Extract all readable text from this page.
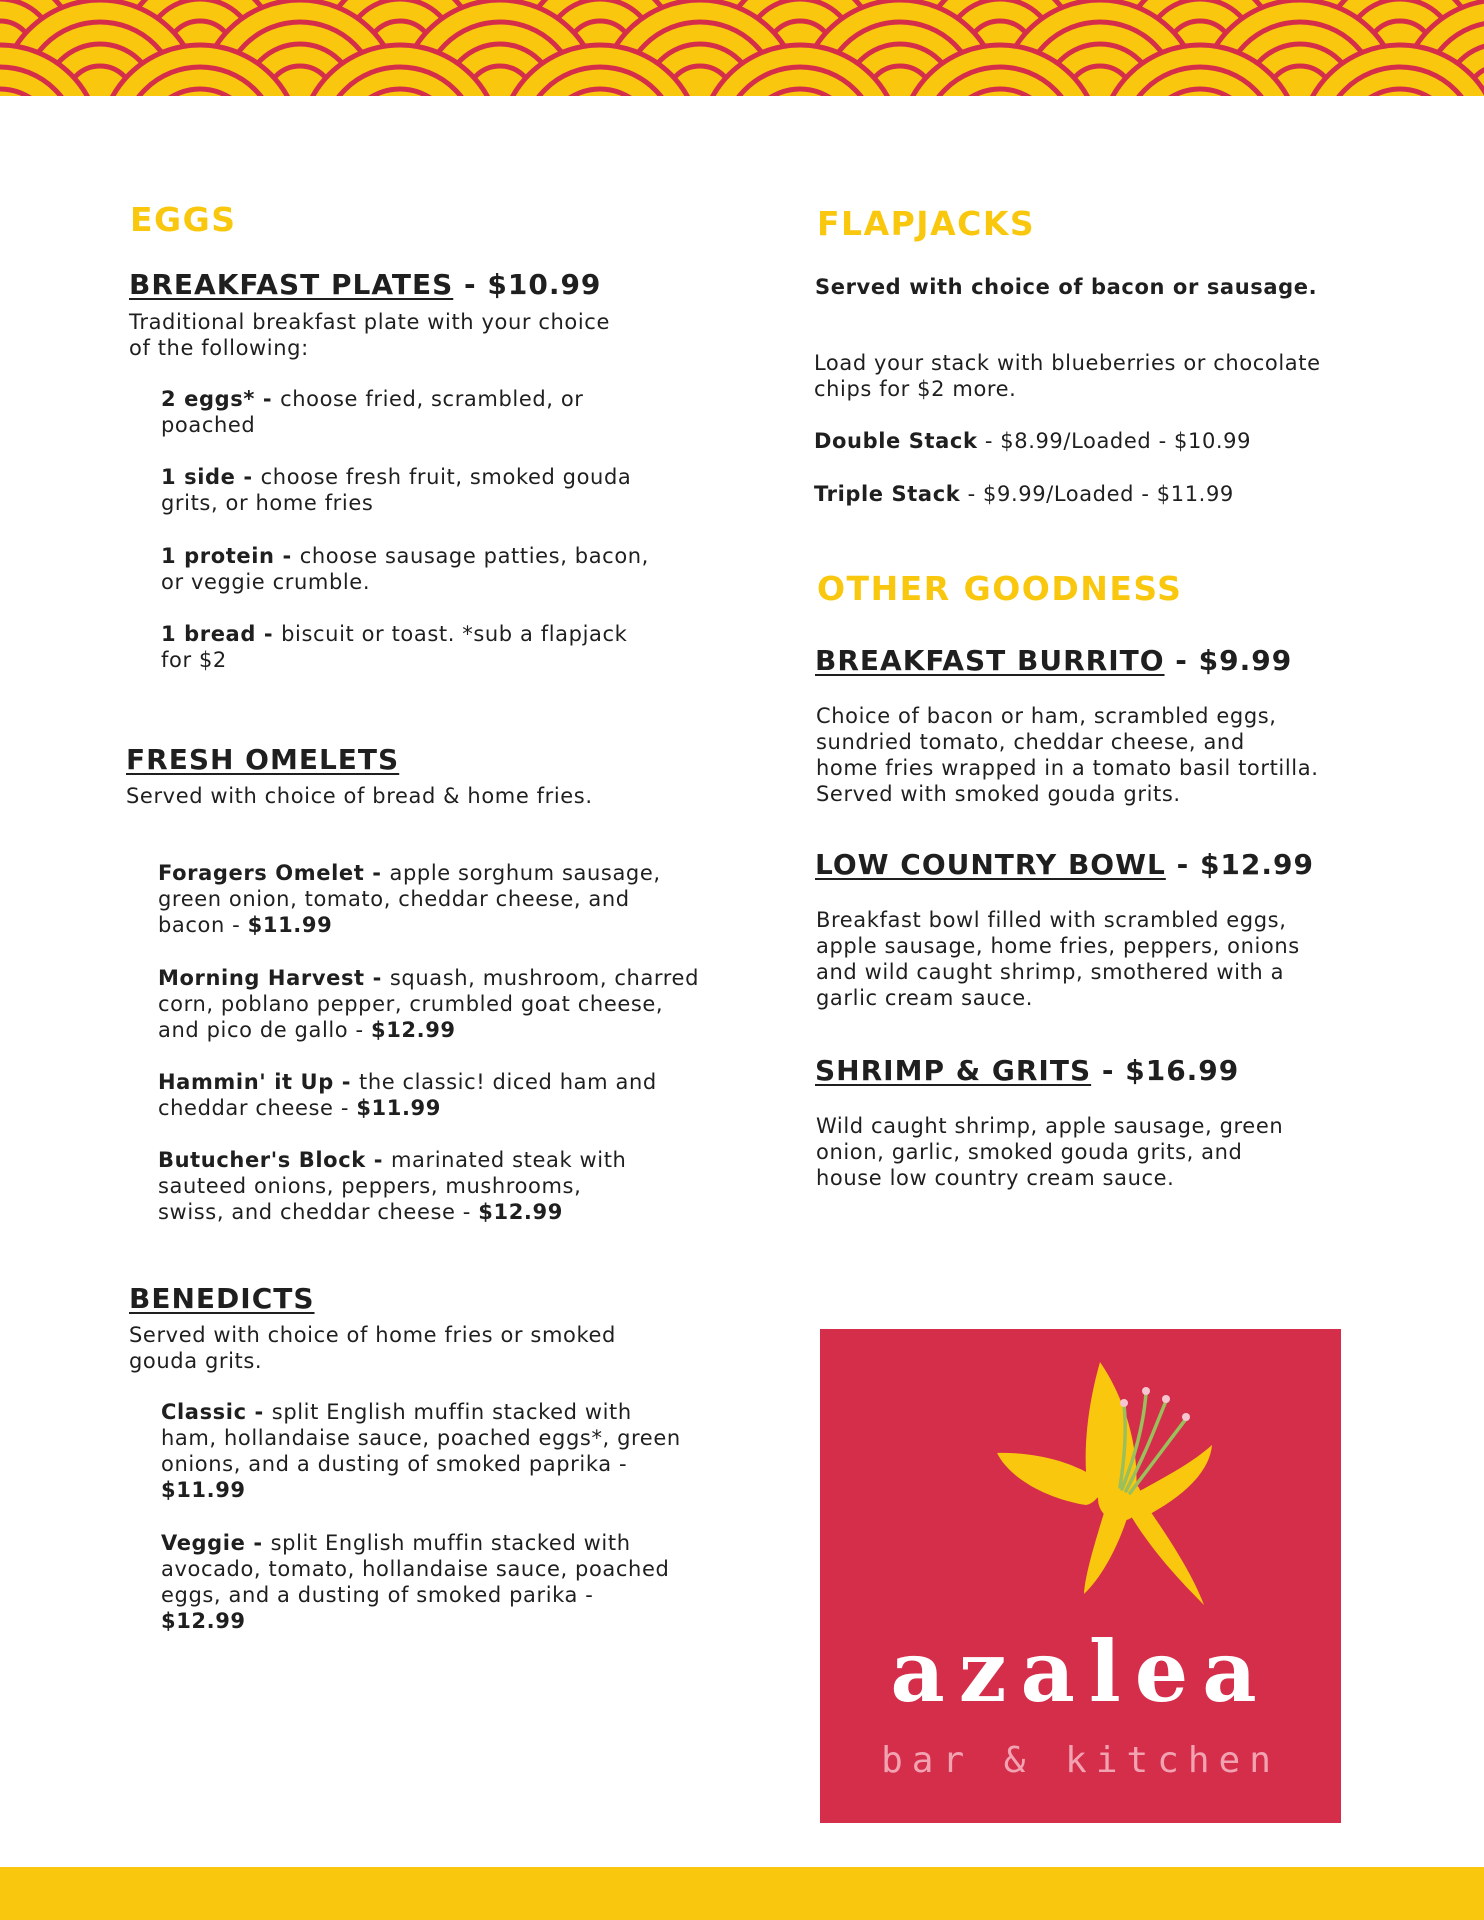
EGGS
BREAKFAST PLATES - $10.99
Traditional breakfast plate with your choice
of the following:
2 eggs* - choose fried, scrambled, or
poached
1 side - choose fresh fruit, smoked gouda
grits, or home fries
1 protein - choose sausage patties, bacon,
or veggie crumble.
1 bread - biscuit or toast. *sub a flapjack
for $2
FRESH OMELETS
Served with choice of bread & home fries.
Foragers Omelet - apple sorghum sausage,
green onion, tomato, cheddar cheese, and
bacon - $11.99
Morning Harvest - squash, mushroom, charred
corn, poblano pepper, crumbled goat cheese,
and pico de gallo - $12.99
Hammin' it Up - the classic! diced ham and
cheddar cheese - $11.99
Butucher's Block - marinated steak with
sauteed onions, peppers, mushrooms,
swiss, and cheddar cheese - $12.99
BENEDICTS
Served with choice of home fries or smoked
gouda grits.
Classic - split English muffin stacked with
ham, hollandaise sauce, poached eggs*, green
onions, and a dusting of smoked paprika -
$11.99
Veggie - split English muffin stacked with
avocado, tomato, hollandaise sauce, poached
eggs, and a dusting of smoked parika -
$12.99
FLAPJACKS
Served with choice of bacon or sausage.
Load your stack with blueberries or chocolate
chips for $2 more.
Double Stack - $8.99/Loaded - $10.99
Triple Stack - $9.99/Loaded - $11.99
OTHER GOODNESS
BREAKFAST BURRITO - $9.99
Choice of bacon or ham, scrambled eggs,
sundried tomato, cheddar cheese, and
home fries wrapped in a tomato basil tortilla.
Served with smoked gouda grits.
LOW COUNTRY BOWL - $12.99
Breakfast bowl filled with scrambled eggs,
apple sausage, home fries, peppers, onions
and wild caught shrimp, smothered with a
garlic cream sauce.
SHRIMP & GRITS - $16.99
Wild caught shrimp, apple sausage, green
onion, garlic, smoked gouda grits, and
house low country cream sauce.
azalea
bar & kitchen
